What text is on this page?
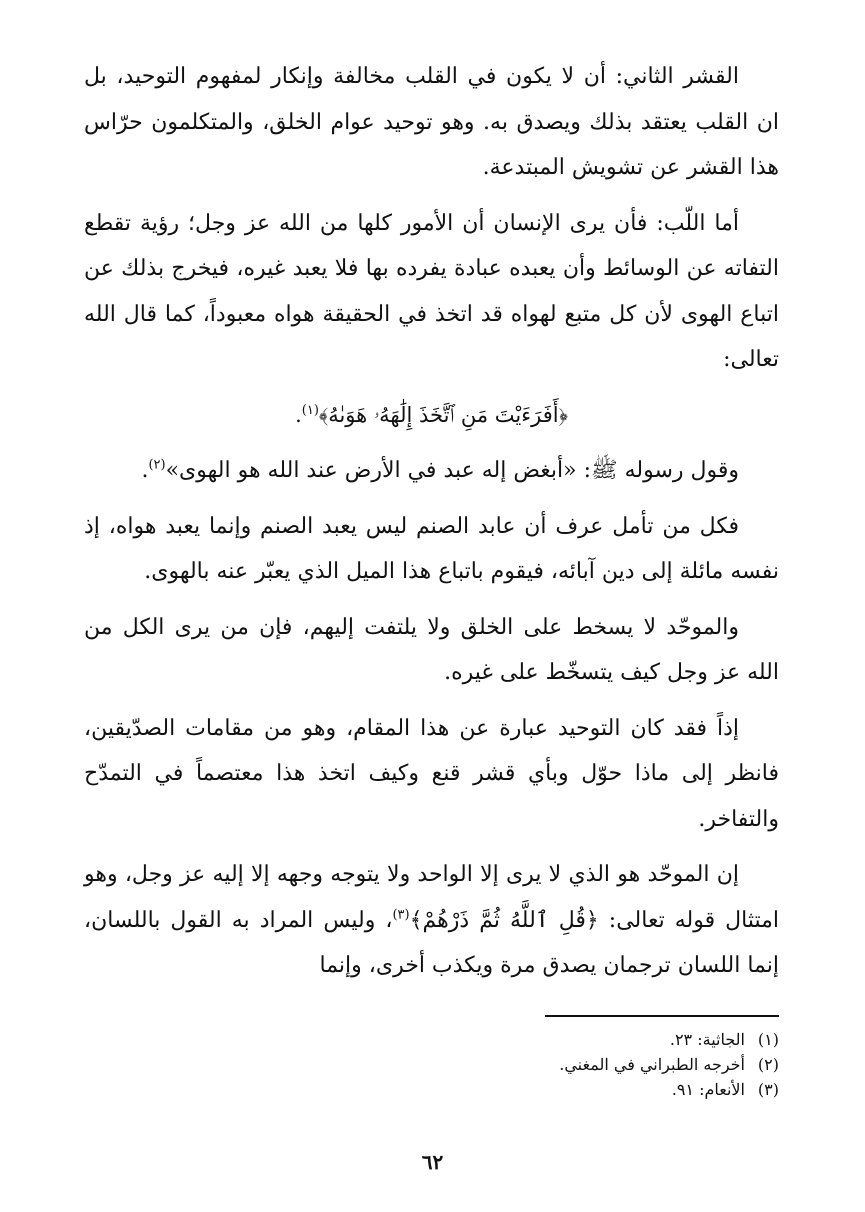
القشر الثاني: أن لا يكون في القلب مخالفة وإنكار لمفهوم التوحيد، بل ان القلب يعتقد بذلك ويصدق به. وهو توحيد عوام الخلق، والمتكلمون حرّاس هذا القشر عن تشويش المبتدعة.

أما اللّب: فأن يرى الإنسان أن الأمور كلها من الله عز وجل؛ رؤية تقطع التفاته عن الوسائط وأن يعبده عبادة يفرده بها فلا يعبد غيره، فيخرج بذلك عن اتباع الهوى لأن كل متبع لهواه قد اتخذ في الحقيقة هواه معبوداً، كما قال الله تعالى:

﴿أَفَرَءَيْتَ مَنِ ٱتَّخَذَ إِلَٰهَهُۥ هَوَىٰهُ﴾$^{(١)}$.

وقول رسوله ﷺ: «أبغض إله عبد في الأرض عند الله هو الهوى»$^{(٢)}$.

فكل من تأمل عرف أن عابد الصنم ليس يعبد الصنم وإنما يعبد هواه، إذ نفسه مائلة إلى دين آبائه، فيقوم باتباع هذا الميل الذي يعبّر عنه بالهوى.

والموحّد لا يسخط على الخلق ولا يلتفت إليهم، فإن من يرى الكل من الله عز وجل كيف يتسخّط على غيره.

إذاً فقد كان التوحيد عبارة عن هذا المقام، وهو من مقامات الصدّيقين، فانظر إلى ماذا حوّل وبأي قشر قنع وكيف اتخذ هذا معتصماً في التمدّح والتفاخر.

إن الموحّد هو الذي لا يرى إلا الواحد ولا يتوجه وجهه إلا إليه عز وجل، وهو امتثال قوله تعالى: ﴿قُلِ ٱللَّهُ ثُمَّ ذَرْهُمْ﴾$^{(٣)}$، وليس المراد به القول باللسان، إنما اللسان ترجمان يصدق مرة ويكذب أخرى، وإنما

(١)الجاثية: ٢٣.
(٢)أخرجه الطبراني في المغني.
(٣)الأنعام: ٩١.
٦٢
